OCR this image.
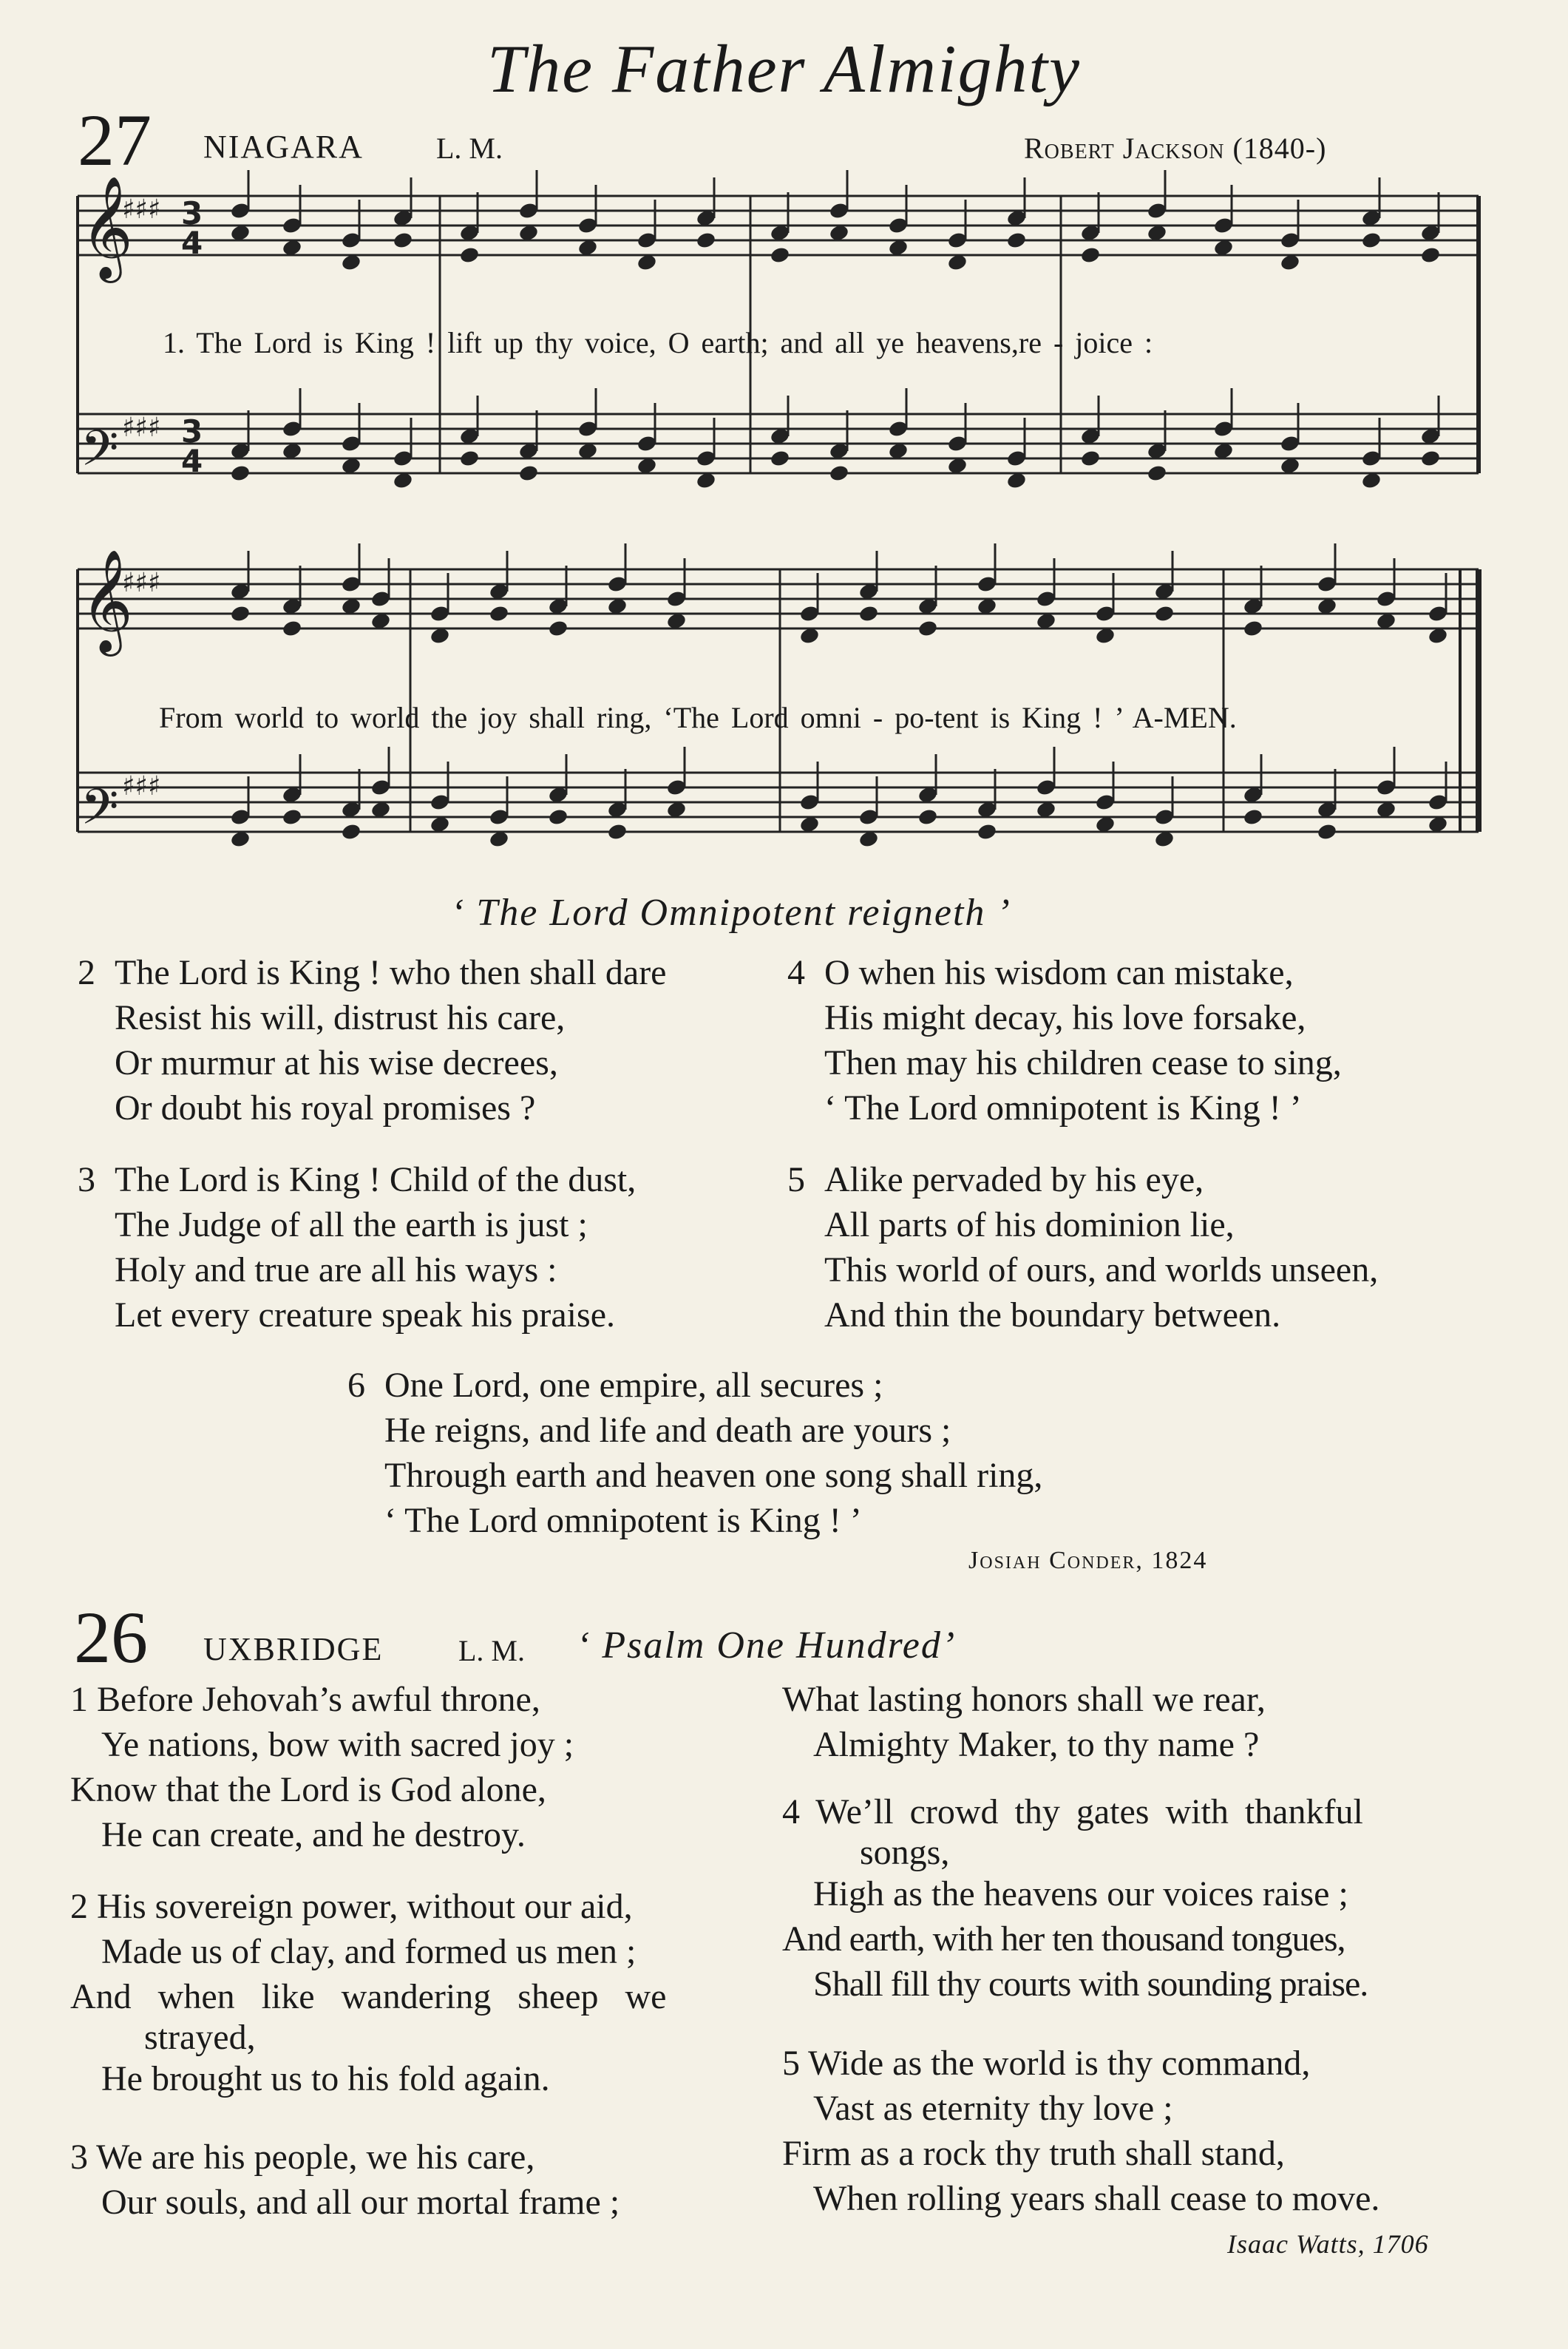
The Father Almighty
27 NIAGARA L. M.	Robert Jackson (1840-)
𝄞
𝄢
𝄞
𝄢
♯♯♯
♯♯♯
♯♯♯
♯♯♯
3
4
3
4
1. The Lord is King ! lift up thy voice, O earth; and all ye heavens,re - joice :
From world to world the joy shall ring, ‘The Lord omni - po-tent is King ! ’ A-MEN.
‘ The Lord Omnipotent reigneth ’
2 The Lord is King ! who then shall dare
Resist his will, distrust his care,
Or murmur at his wise decrees,
Or doubt his royal promises ?
3 The Lord is King ! Child of the dust,
The Judge of all the earth is just ;
Holy and true are all his ways :
Let every creature speak his praise.
4 O when his wisdom can mistake,
His might decay, his love forsake,
Then may his children cease to sing,
‘ The Lord omnipotent is King ! ’
5 Alike pervaded by his eye,
All parts of his dominion lie,
This world of ours, and worlds unseen,
And thin the boundary between.
6 One Lord, one empire, all secures ;
He reigns, and life and death are yours ;
Through earth and heaven one song shall ring,
‘ The Lord omnipotent is King ! ’
Josiah Conder, 1824
26 UXBRIDGE	L. M. ‘ Psalm One Hundred’
1 Before Jehovah’s awful throne,
Ye nations, bow with sacred joy ;
Know that the Lord is God alone,
He can create, and he destroy.
2 His sovereign power, without our aid,
Made us of clay, and formed us men ;
And when like wandering sheep we
strayed,
He brought us to his fold again.
3 We are his people, we his care,
Our souls, and all our mortal frame ;
What lasting honors shall we rear,
Almighty Maker, to thy name ?
4 We’ll crowd thy gates with thankful
songs,
High as the heavens our voices raise ;
And earth, with her ten thousand tongues,
Shall fill thy courts with sounding praise.
5 Wide as the world is thy command,
Vast as eternity thy love ;
Firm as a rock thy truth shall stand,
When rolling years shall cease to move.
Isaac Watts, 1706
